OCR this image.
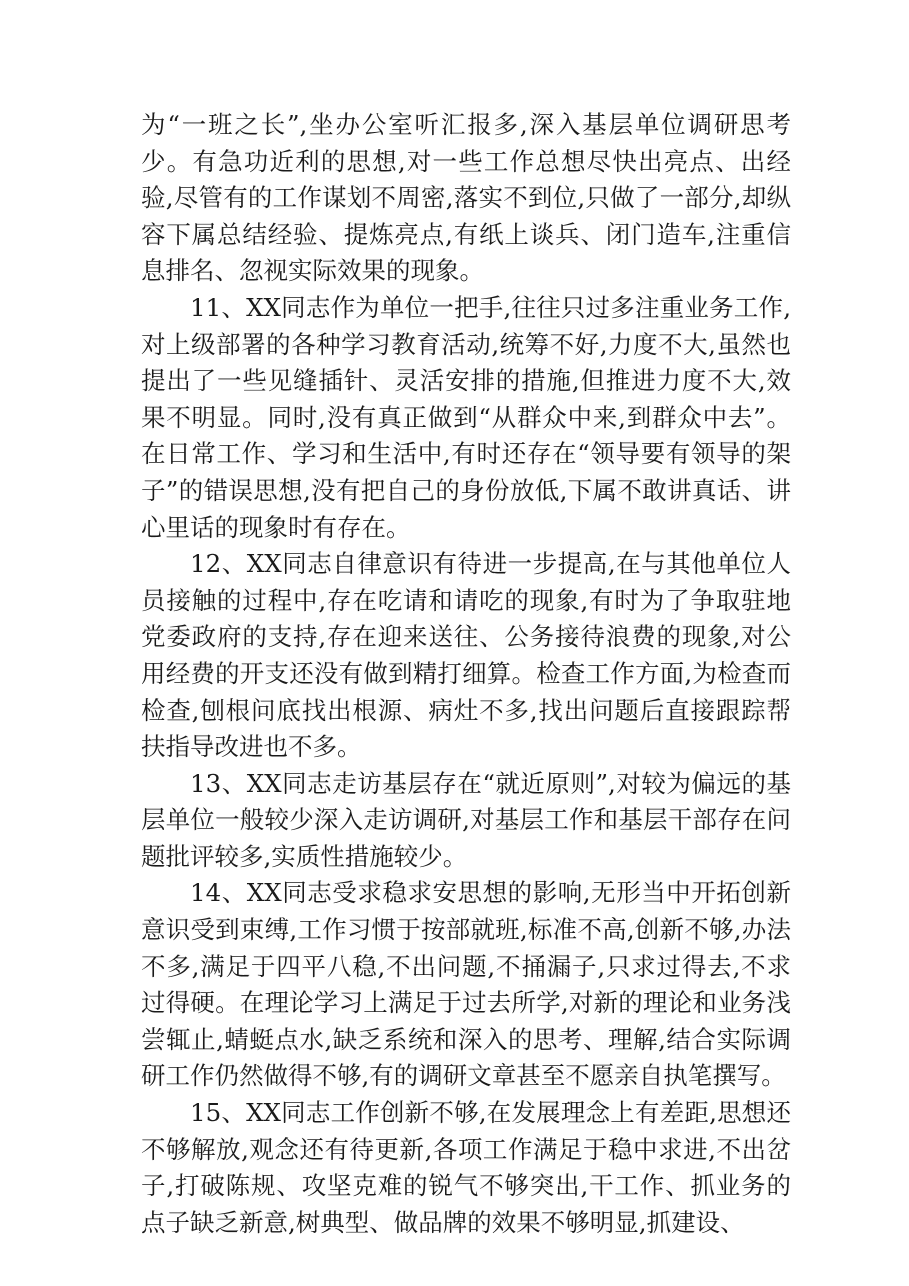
为“一班之长”,坐办公室听汇报多,深入基层单位调研思考少。有急功近利的思想,对一些工作总想尽快出亮点、出经验,尽管有的工作谋划不周密,落实不到位,只做了一部分,却纵容下属总结经验、提炼亮点,有纸上谈兵、闭门造车,注重信息排名、忽视实际效果的现象。

11、XX同志作为单位一把手,往往只过多注重业务工作,对上级部署的各种学习教育活动,统筹不好,力度不大,虽然也提出了一些见缝插针、灵活安排的措施,但推进力度不大,效果不明显。同时,没有真正做到“从群众中来,到群众中去”。在日常工作、学习和生活中,有时还存在“领导要有领导的架子”的错误思想,没有把自己的身份放低,下属不敢讲真话、讲心里话的现象时有存在。

12、XX同志自律意识有待进一步提高,在与其他单位人员接触的过程中,存在吃请和请吃的现象,有时为了争取驻地党委政府的支持,存在迎来送往、公务接待浪费的现象,对公用经费的开支还没有做到精打细算。检查工作方面,为检查而检查,刨根问底找出根源、病灶不多,找出问题后直接跟踪帮扶指导改进也不多。

13、XX同志走访基层存在“就近原则”,对较为偏远的基层单位一般较少深入走访调研,对基层工作和基层干部存在问题批评较多,实质性措施较少。

14、XX同志受求稳求安思想的影响,无形当中开拓创新意识受到束缚,工作习惯于按部就班,标准不高,创新不够,办法不多,满足于四平八稳,不出问题,不捅漏子,只求过得去,不求过得硬。在理论学习上满足于过去所学,对新的理论和业务浅尝辄止,蜻蜓点水,缺乏系统和深入的思考、理解,结合实际调研工作仍然做得不够,有的调研文章甚至不愿亲自执笔撰写。

15、XX同志工作创新不够,在发展理念上有差距,思想还不够解放,观念还有待更新,各项工作满足于稳中求进,不出岔子,打破陈规、攻坚克难的锐气不够突出,干工作、抓业务的点子缺乏新意,树典型、做品牌的效果不够明显,抓建设、
